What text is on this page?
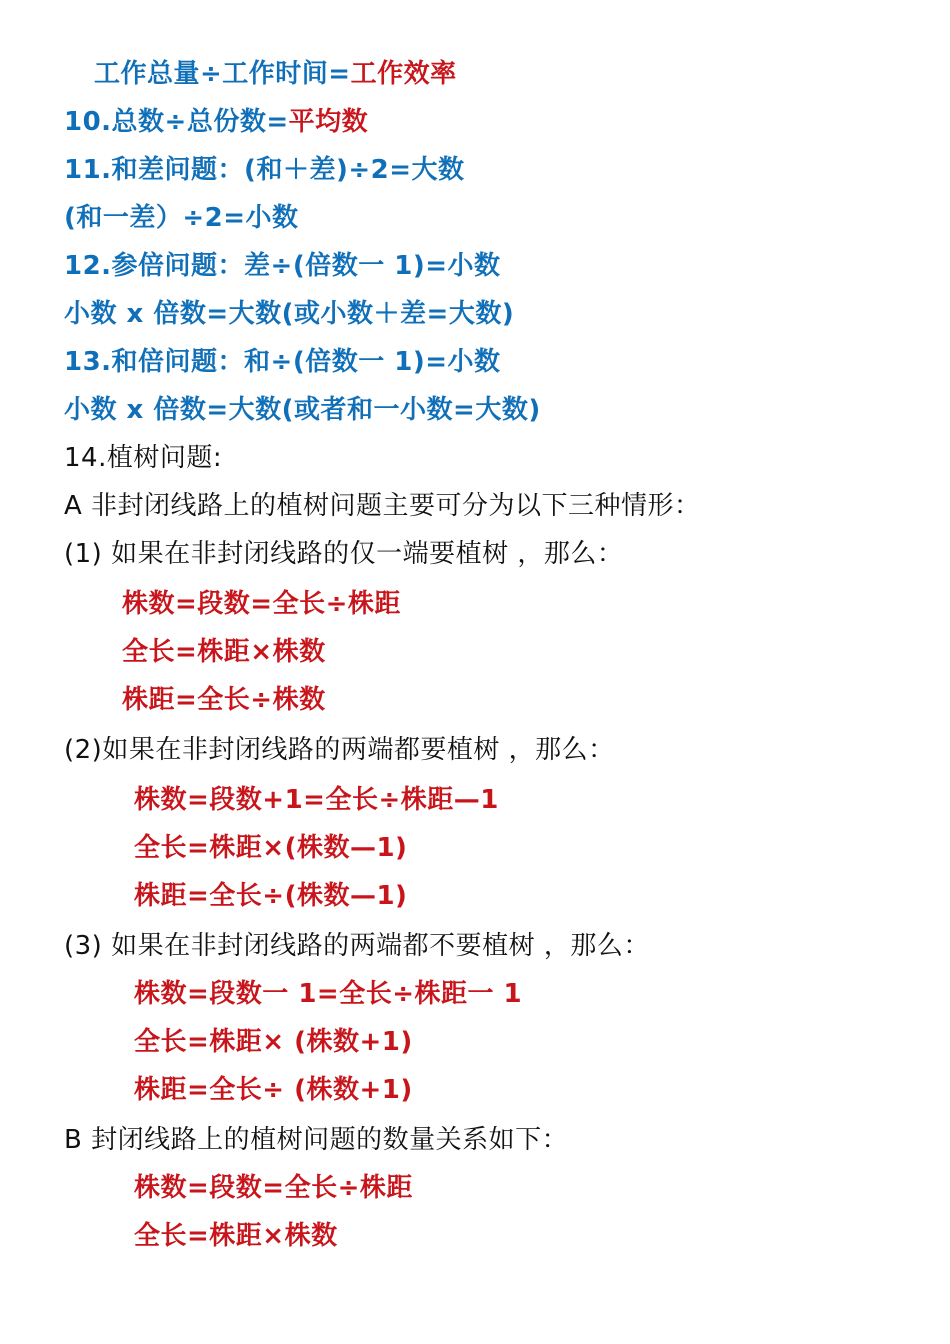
工作总量÷工作时间=工作效率
10.总数÷总份数=平均数
11.和差问题：(和＋差)÷2=大数
(和一差）÷2=小数
12.参倍问题：差÷(倍数一 1)=小数
小数 x 倍数=大数(或小数＋差=大数)
13.和倍问题：和÷(倍数一 1)=小数
小数 x 倍数=大数(或者和一小数=大数)
14.植树问题:
A 非封闭线路上的植树问题主要可分为以下三种情形：
(1) 如果在非封闭线路的仅一端要植树 ，那么：
株数=段数=全长÷株距
全长=株距×株数
株距=全长÷株数
(2)如果在非封闭线路的两端都要植树 ，那么：
株数=段数+1=全长÷株距—1
全长=株距×(株数—1)
株距=全长÷(株数—1)
(3) 如果在非封闭线路的两端都不要植树 ，那么：
株数=段数一 1=全长÷株距一 1
全长=株距× (株数+1)
株距=全长÷ (株数+1)
B 封闭线路上的植树问题的数量关系如下：
株数=段数=全长÷株距
全长=株距×株数
